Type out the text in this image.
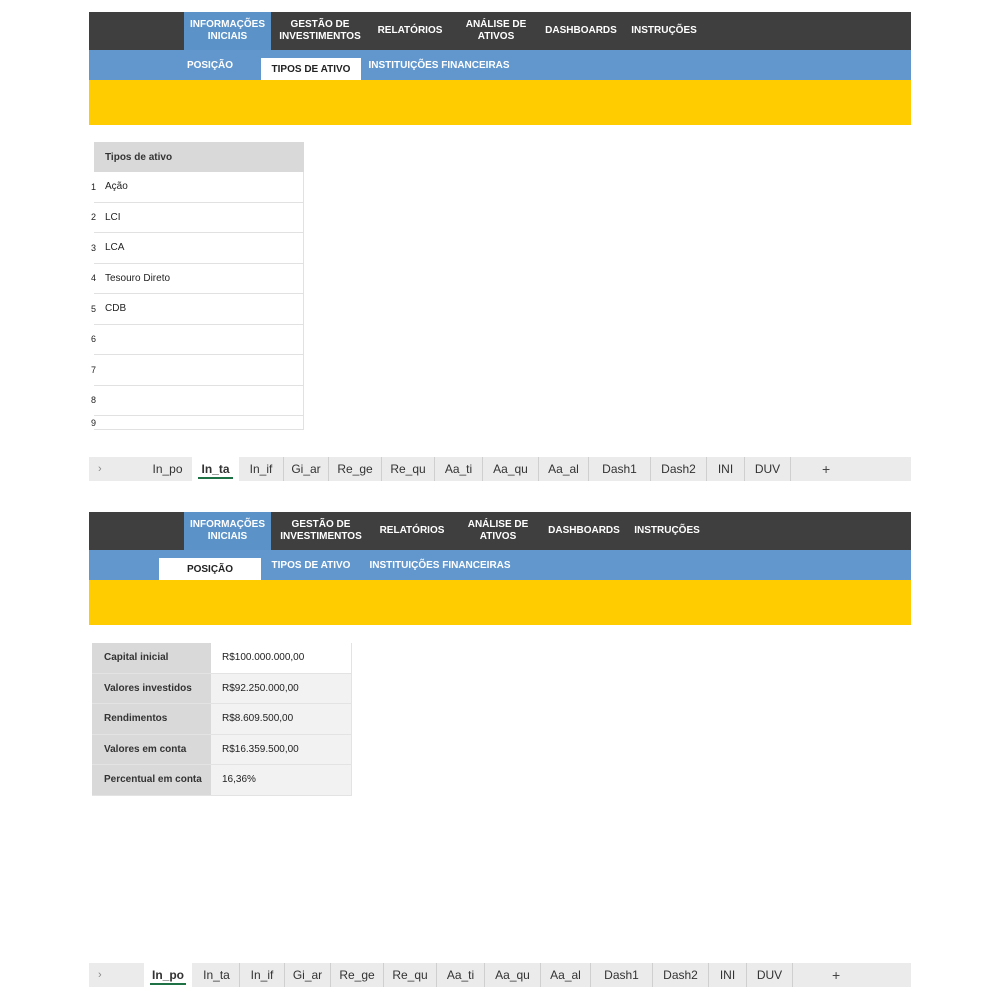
INFORMAÇÕES
INICIAIS
GESTÃO DE
INVESTIMENTOS
RELATÓRIOS
ANÁLISE DE
ATIVOS
DASHBOARDS INSTRUÇÕES
POSIÇÃO	TIPOS DE ATIVO	INSTITUIÇÕES FINANCEIRAS
Tipos de ativo
1 Ação
2 LCI
3 LCA
4 Tesouro Direto
5 CDB
6
7
8
9
›	In_po	In_ta	In_if	Gi_ar	Re_ge	Re_qu	Aa_ti	Aa_qu	Aa_al	Dash1	Dash2	INI	DUV	+
INFORMAÇÕES
INICIAIS
GESTÃO DE
INVESTIMENTOS
RELATÓRIOS
ANÁLISE DE
ATIVOS
DASHBOARDS INSTRUÇÕES
POSIÇÃO	TIPOS DE ATIVO	INSTITUIÇÕES FINANCEIRAS
Capital inicial	R$100.000.000,00
Valores investidos	R$92.250.000,00
Rendimentos	R$8.609.500,00
Valores em conta	R$16.359.500,00
Percentual em conta	16,36%
›	In_po	In_ta	In_if	Gi_ar	Re_ge	Re_qu	Aa_ti	Aa_qu	Aa_al	Dash1	Dash2	INI	DUV	+
